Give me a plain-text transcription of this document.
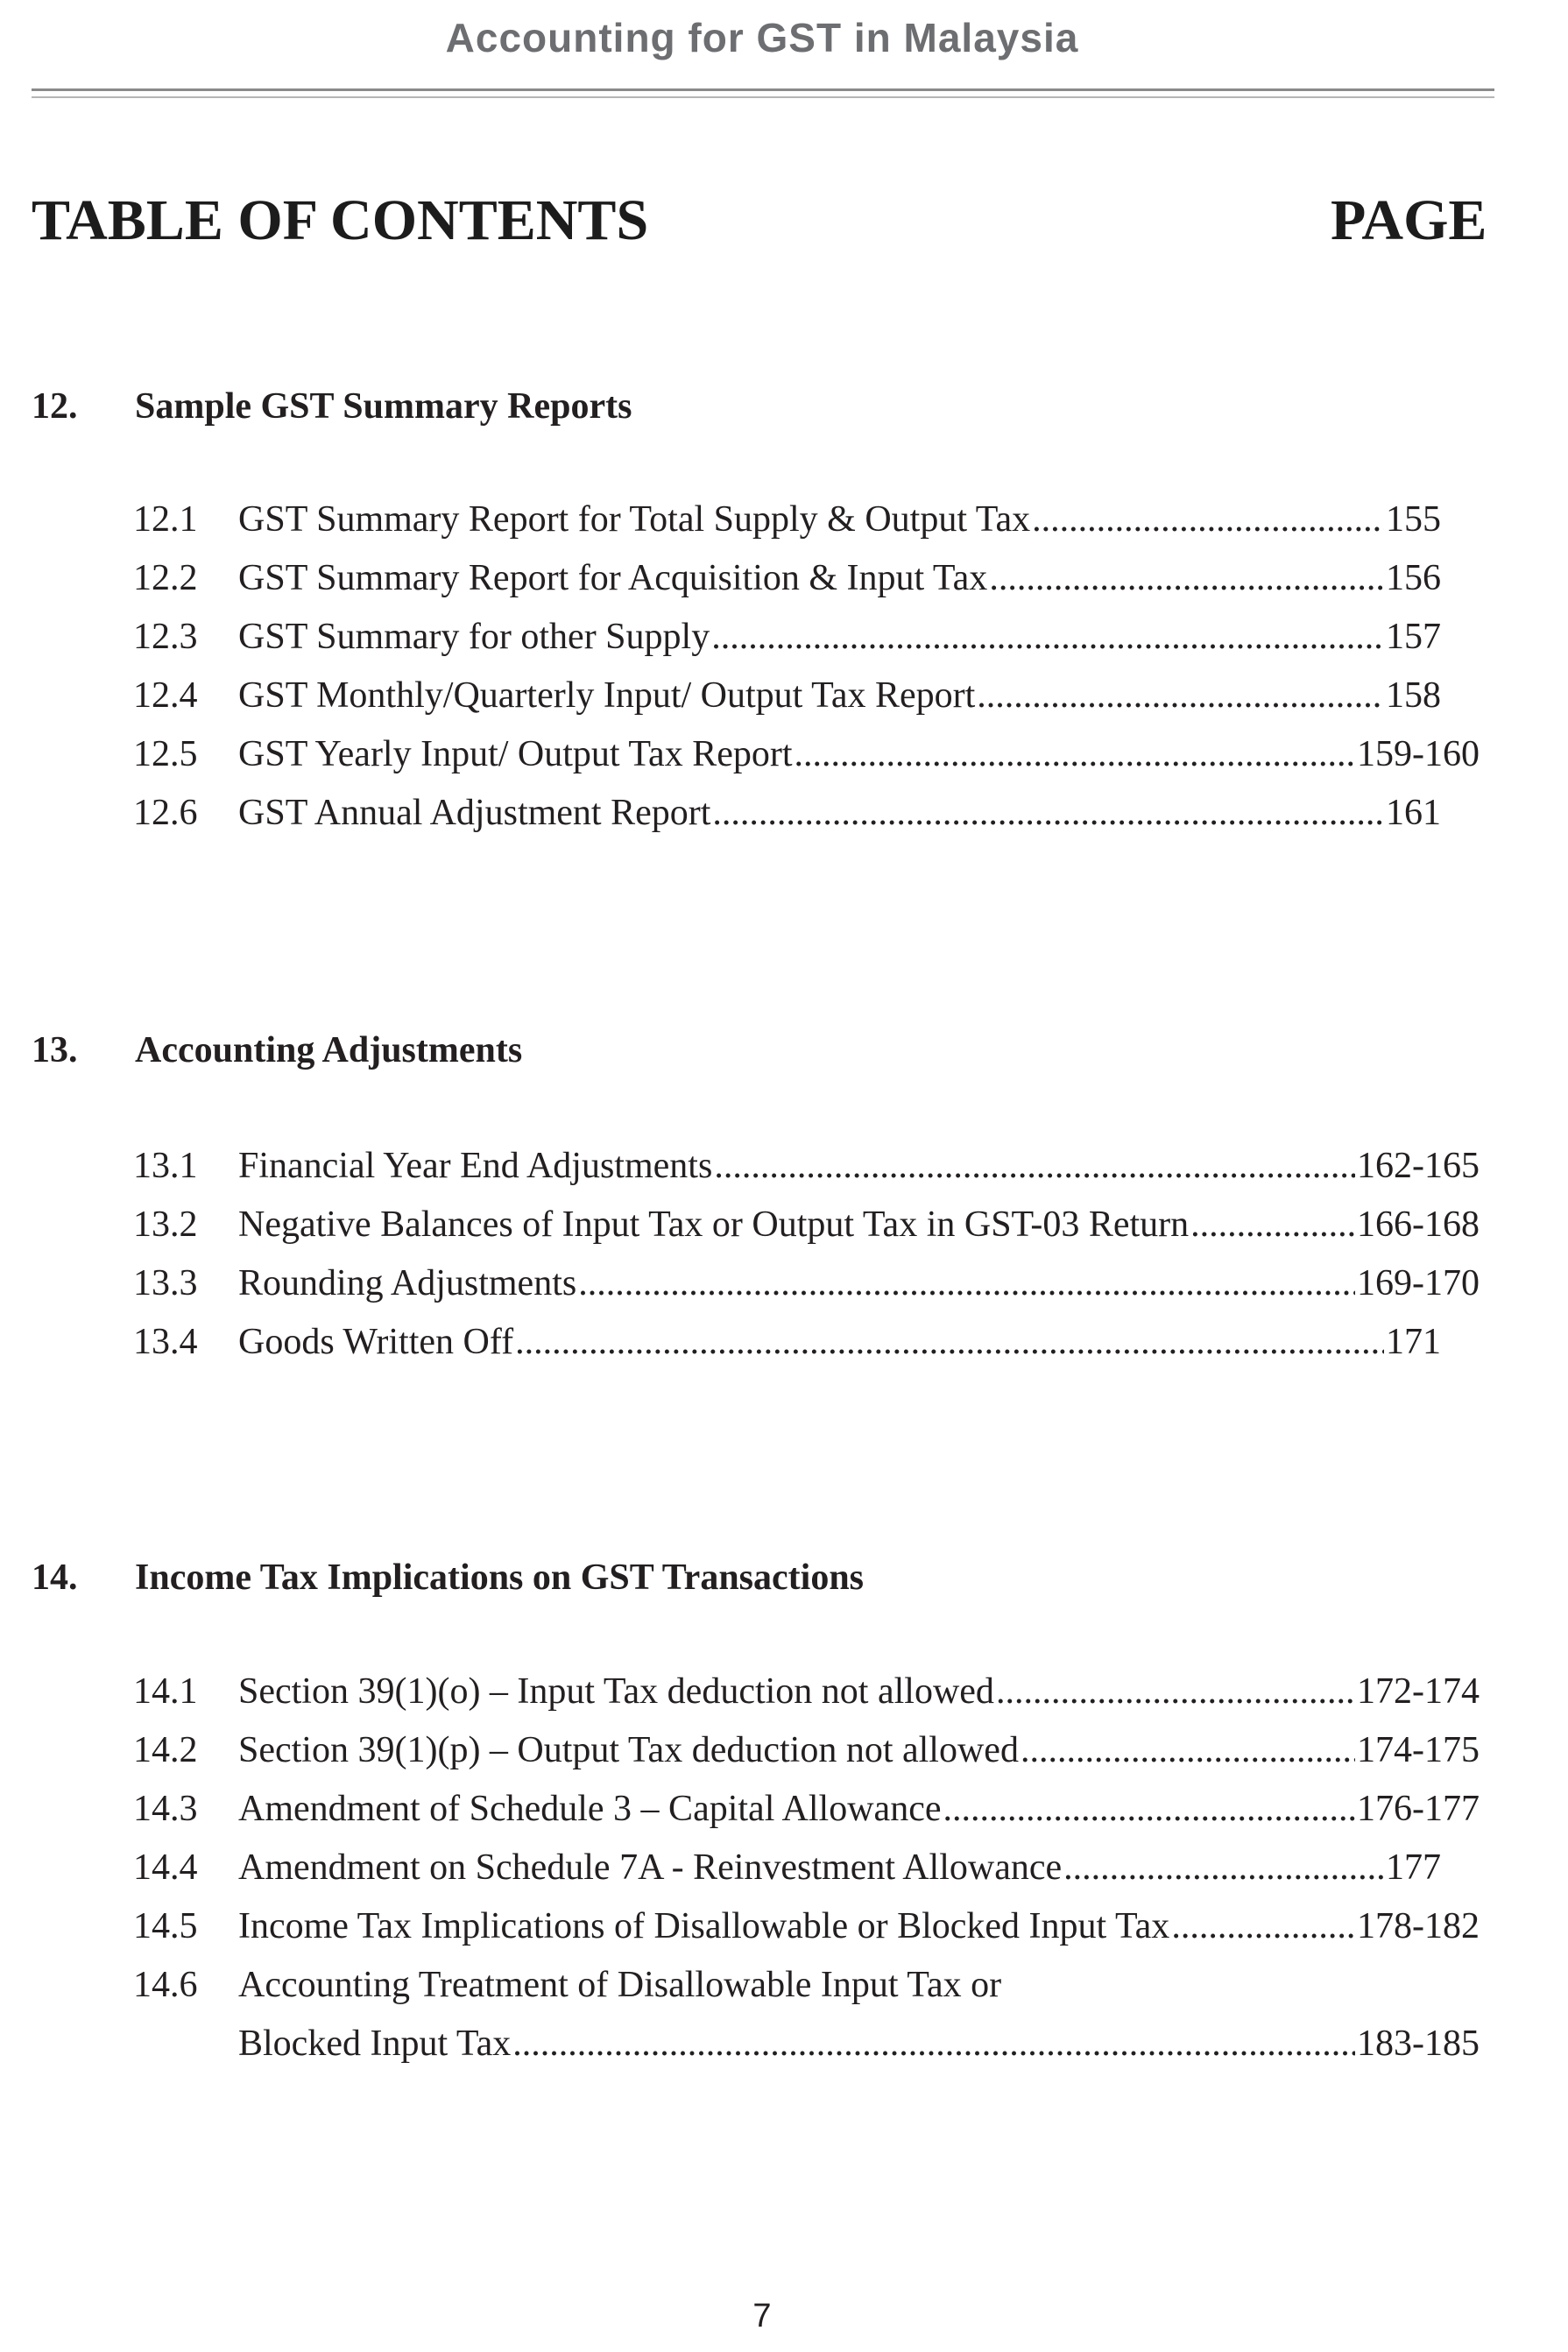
Accounting for GST in Malaysia
TABLE OF CONTENTS	PAGE
12. Sample GST Summary Reports
12.1	GST Summary Report for Total Supply & Output Tax .....	155
12.2	GST Summary Report for Acquisition & Input Tax .....	156
12.3	GST Summary for other Supply .....	157
12.4	GST Monthly/Quarterly Input/ Output Tax Report .....	158
12.5	GST Yearly Input/ Output Tax Report .....	159-160
12.6	GST Annual Adjustment Report .....	161
13. Accounting Adjustments
13.1	Financial Year End Adjustments .....	162-165
13.2	Negative Balances of Input Tax or Output Tax in GST-03 Return .....	166-168
13.3	Rounding Adjustments .....	169-170
13.4	Goods Written Off .....	171
14. Income Tax Implications on GST Transactions
14.1	Section 39(1)(o) – Input Tax deduction not allowed .....	172-174
14.2	Section 39(1)(p) – Output Tax deduction not allowed .....	174-175
14.3	Amendment of Schedule 3 – Capital Allowance .....	176-177
14.4	Amendment on Schedule 7A - Reinvestment Allowance .....	177
14.5	Income Tax Implications of Disallowable or Blocked Input Tax .....	178-182
14.6	Accounting Treatment of Disallowable Input Tax or
Blocked Input Tax .....	183-185
7
